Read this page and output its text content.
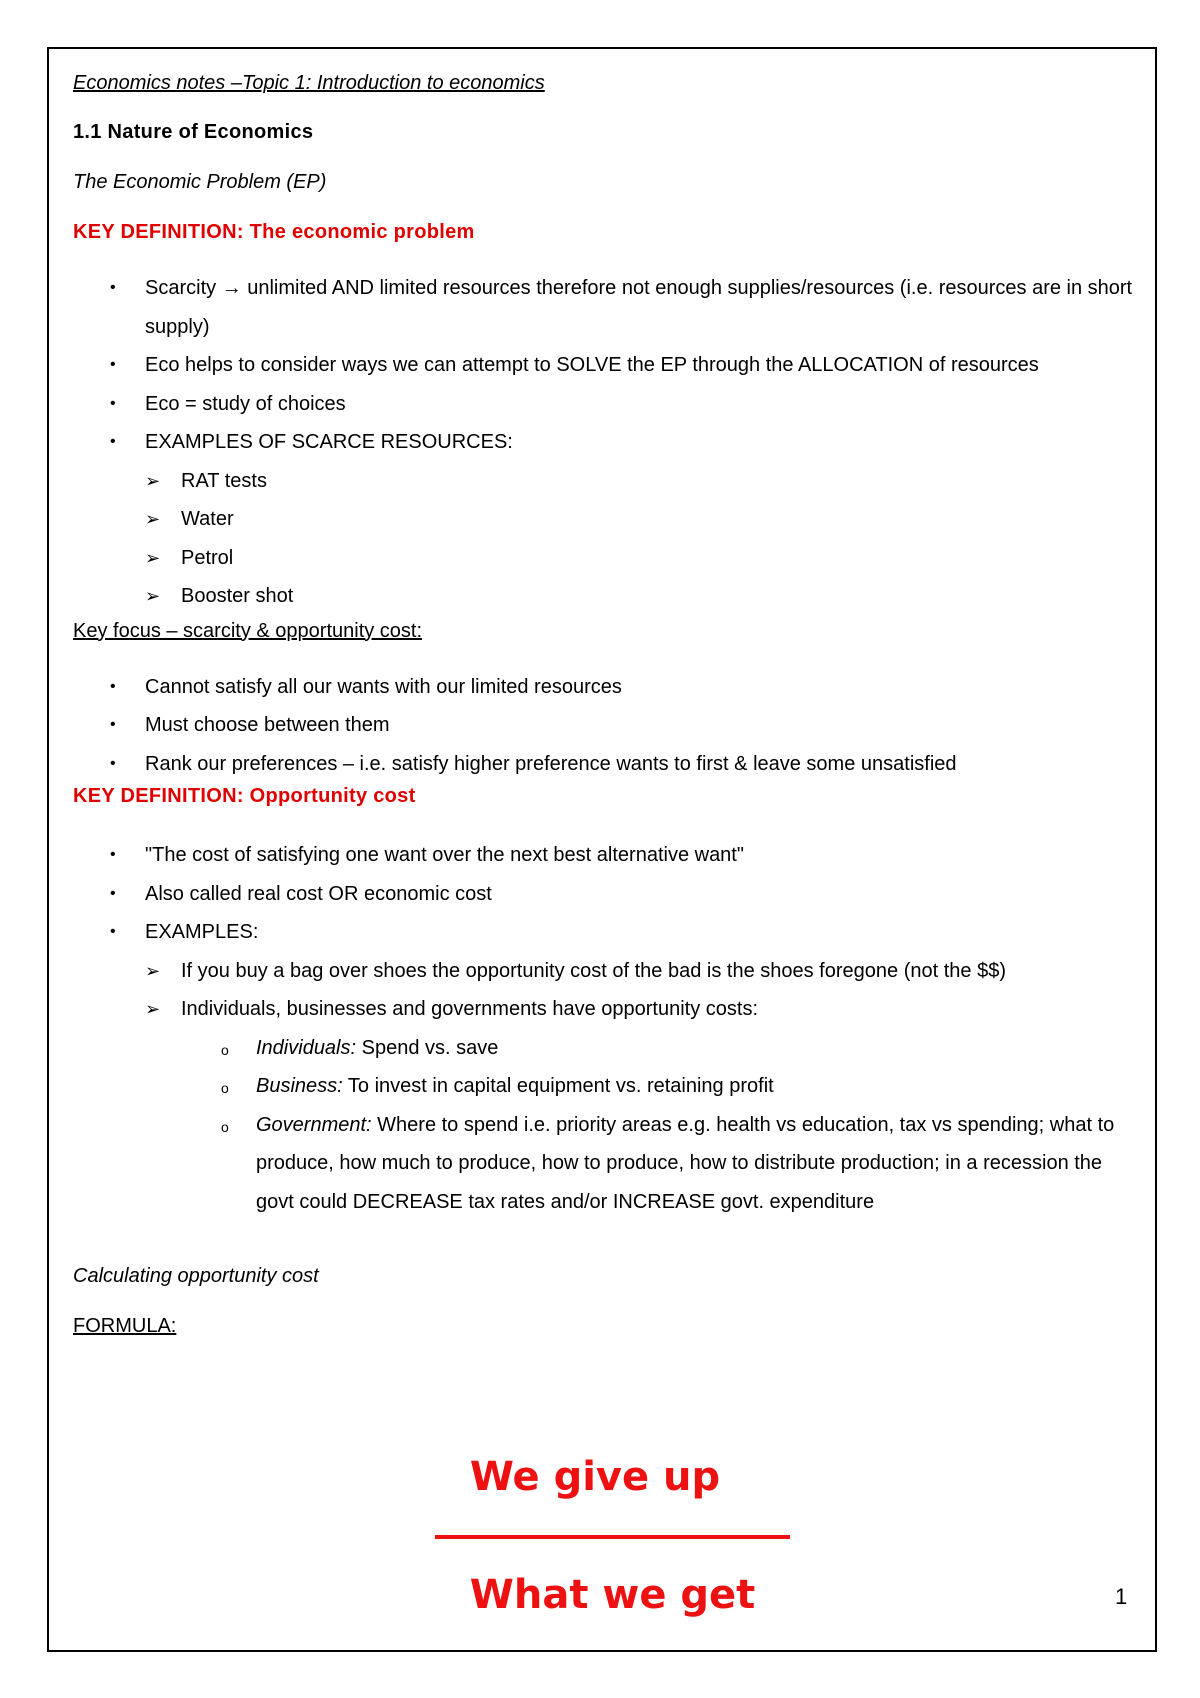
Economics notes –Topic 1: Introduction to economics

1.1 Nature of Economics

The Economic Problem (EP)

KEY DEFINITION: The economic problem

• Scarcity → unlimited AND limited resources therefore not enough supplies/resources (i.e. resources are in short supply)
• Eco helps to consider ways we can attempt to SOLVE the EP through the ALLOCATION of resources
• Eco = study of choices
• EXAMPLES OF SCARCE RESOURCES:
➢ RAT tests
➢ Water
➢ Petrol
➢ Booster shot

Key focus – scarcity & opportunity cost:

• Cannot satisfy all our wants with our limited resources
• Must choose between them
• Rank our preferences – i.e. satisfy higher preference wants to first & leave some unsatisfied

KEY DEFINITION: Opportunity cost

• "The cost of satisfying one want over the next best alternative want"
• Also called real cost OR economic cost
• EXAMPLES:
➢ If you buy a bag over shoes the opportunity cost of the bad is the shoes foregone (not the $$)
➢ Individuals, businesses and governments have opportunity costs:
o Individuals: Spend vs. save
o Business: To invest in capital equipment vs. retaining profit
o Government: Where to spend i.e. priority areas e.g. health vs education, tax vs spending; what to produce, how much to produce, how to produce, how to distribute production; in a recession the govt could DECREASE tax rates and/or INCREASE govt. expenditure

Calculating opportunity cost

FORMULA:

We give up
What we get	1
